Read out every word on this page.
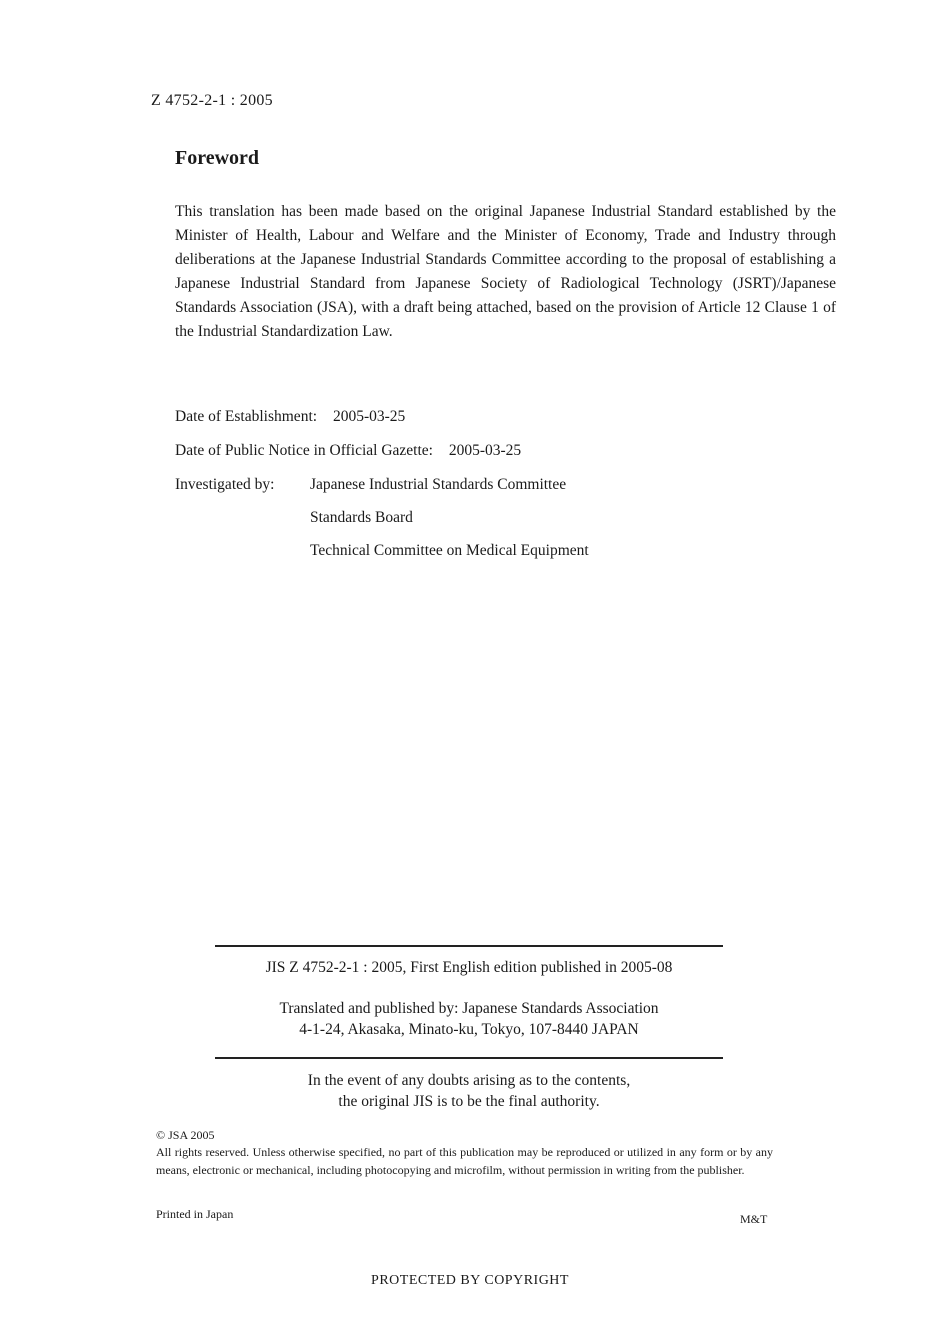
Z 4752-2-1 : 2005
Foreword
This translation has been made based on the original Japanese Industrial Standard established by the Minister of Health, Labour and Welfare and the Minister of Economy, Trade and Industry through deliberations at the Japanese Industrial Standards Committee according to the proposal of establishing a Japanese Industrial Standard from Japanese Society of Radiological Technology (JSRT)/Japanese Standards Association (JSA), with a draft being attached, based on the provision of Article 12 Clause 1 of the Industrial Standardization Law.
Date of Establishment: 2005-03-25
Date of Public Notice in Official Gazette: 2005-03-25
Investigated by: Japanese Industrial Standards Committee
Standards Board
Technical Committee on Medical Equipment
JIS Z 4752-2-1 : 2005, First English edition published in 2005-08
Translated and published by: Japanese Standards Association
4-1-24, Akasaka, Minato-ku, Tokyo, 107-8440 JAPAN
In the event of any doubts arising as to the contents,
the original JIS is to be the final authority.
© JSA 2005
All rights reserved. Unless otherwise specified, no part of this publication may be reproduced or utilized in any form or by any means, electronic or mechanical, including photocopying and microfilm, without permission in writing from the publisher.
Printed in Japan	M&T
PROTECTED BY COPYRIGHT
